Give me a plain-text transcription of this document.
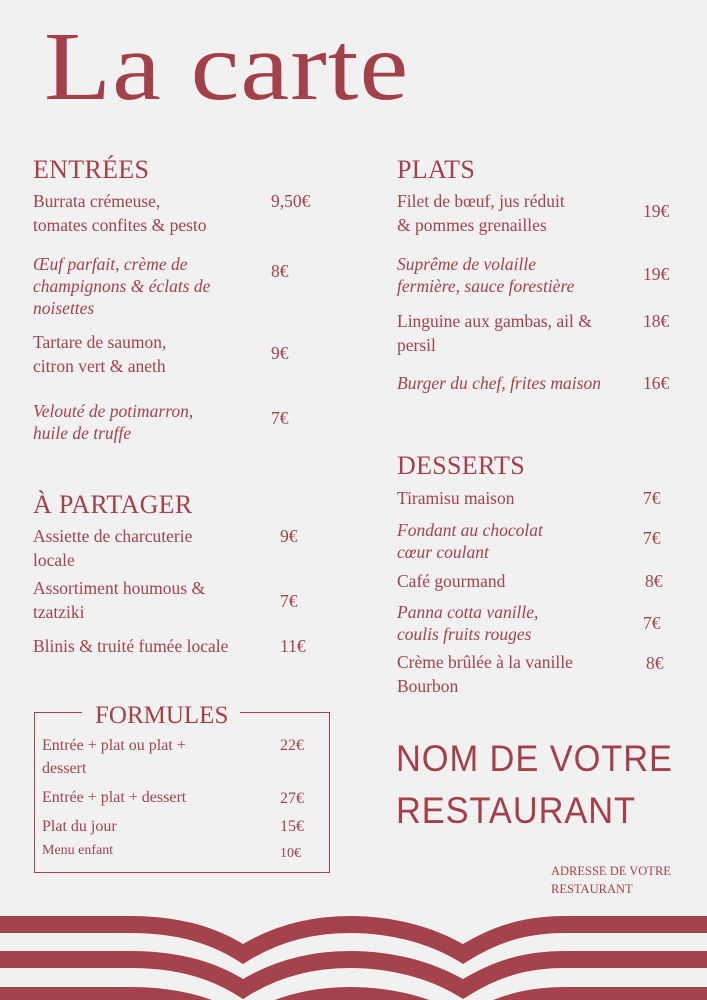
La carte
ENTRÉES
Burrata crémeuse,
tomates confites & pesto
9,50€
Œuf parfait, crème de
champignons & éclats de
noisettes
8€
Tartare de saumon,
citron vert & aneth
9€
Velouté de potimarron,
huile de truffe
7€
À PARTAGER
Assiette de charcuterie
locale
9€
Assortiment houmous &
tzatziki
7€
Blinis & truité fumée locale	11€
FORMULES
Entrée + plat ou plat +
dessert
22€
Entrée + plat + dessert	27€
Plat du jour	15€
Menu enfant	10€
PLATS
Filet de bœuf, jus réduit
& pommes grenailles
19€
Suprême de volaille
fermière, sauce forestière
19€
Linguine aux gambas, ail &
persil
18€
Burger du chef, frites maison 16€
DESSERTS
Tiramisu maison	7€
Fondant au chocolat
cœur coulant
7€
Café gourmand	8€
Panna cotta vanille,
coulis fruits rouges
7€
Crème brûlée à la vanille
Bourbon
8€
NOM DE VOTRE
RESTAURANT
ADRESSE DE VOTRE
RESTAURANT
